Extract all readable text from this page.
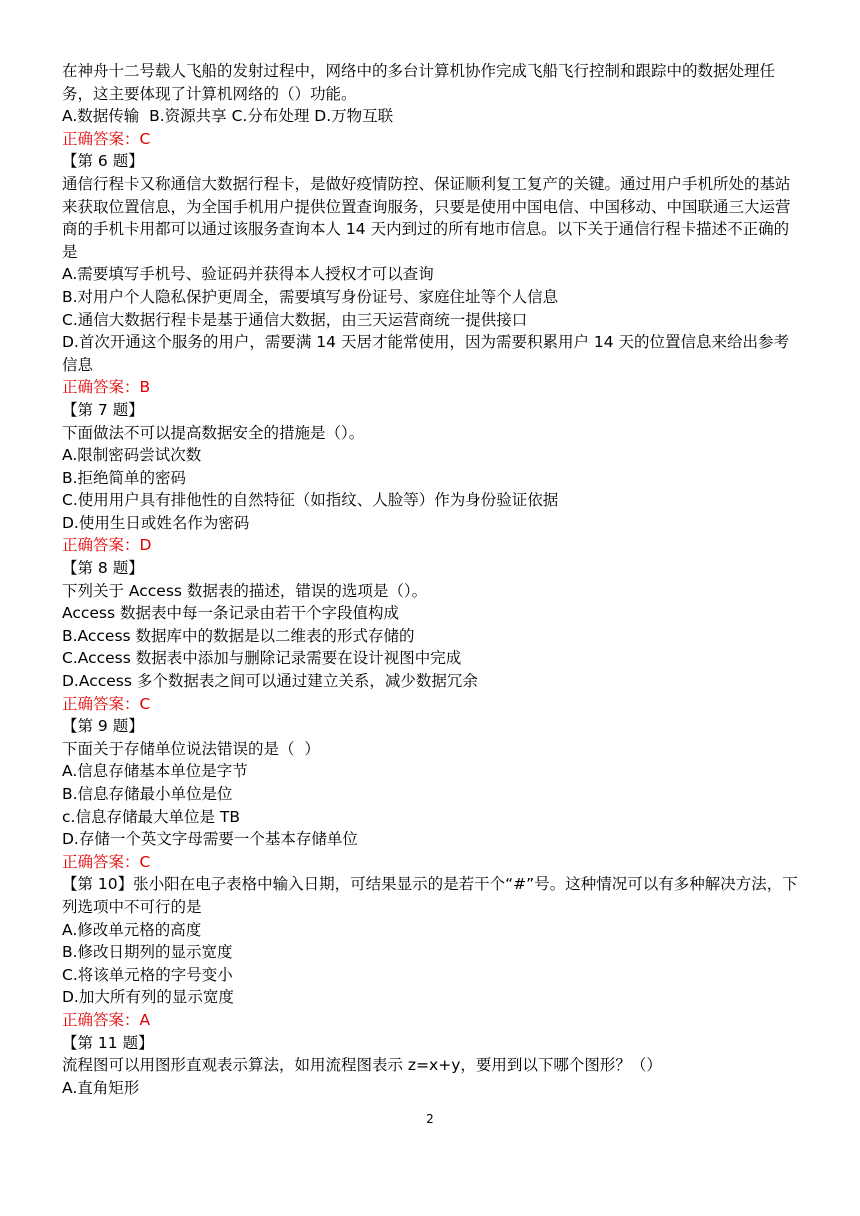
在神舟十二号载人飞船的发射过程中，网络中的多台计算机协作完成飞船飞行控制和跟踪中的数据处理任务，这主要体现了计算机网络的（）功能。
A.数据传输  B.资源共享 C.分布处理 D.万物互联
正确答案：C
【第 6 题】
通信行程卡又称通信大数据行程卡，是做好疫情防控、保证顺利复工复产的关键。通过用户手机所处的基站来获取位置信息，为全国手机用户提供位置查询服务，只要是使用中国电信、中国移动、中国联通三大运营商的手机卡用都可以通过该服务查询本人 14 天内到过的所有地市信息。以下关于通信行程卡描述不正确的是
A.需要填写手机号、验证码并获得本人授权才可以查询
B.对用户个人隐私保护更周全，需要填写身份证号、家庭住址等个人信息
C.通信大数据行程卡是基于通信大数据，由三天运营商统一提供接口
D.首次开通这个服务的用户，需要满 14 天居才能常使用，因为需要积累用户 14 天的位置信息来给出参考信息
正确答案：B
【第 7 题】
下面做法不可以提高数据安全的措施是（）。
A.限制密码尝试次数
B.拒绝简单的密码
C.使用用户具有排他性的自然特征（如指纹、人脸等）作为身份验证依据
D.使用生日或姓名作为密码
正确答案：D
【第 8 题】
下列关于 Access 数据表的描述，错误的选项是（）。
Access 数据表中每一条记录由若干个字段值构成
B.Access 数据库中的数据是以二维表的形式存储的
C.Access 数据表中添加与删除记录需要在设计视图中完成
D.Access 多个数据表之间可以通过建立关系，减少数据冗余
正确答案：C
【第 9 题】
下面关于存储单位说法错误的是（  ）
A.信息存储基本单位是字节
B.信息存储最小单位是位
c.信息存储最大单位是 TB
D.存储一个英文字母需要一个基本存储单位
正确答案：C
【第 10】张小阳在电子表格中输入日期，可结果显示的是若干个“#”号。这种情况可以有多种解决方法，下列选项中不可行的是
A.修改单元格的高度
B.修改日期列的显示宽度
C.将该单元格的字号变小
D.加大所有列的显示宽度
正确答案：A
【第 11 题】
流程图可以用图形直观表示算法，如用流程图表示 z=x+y，要用到以下哪个图形？（）
A.直角矩形
2
